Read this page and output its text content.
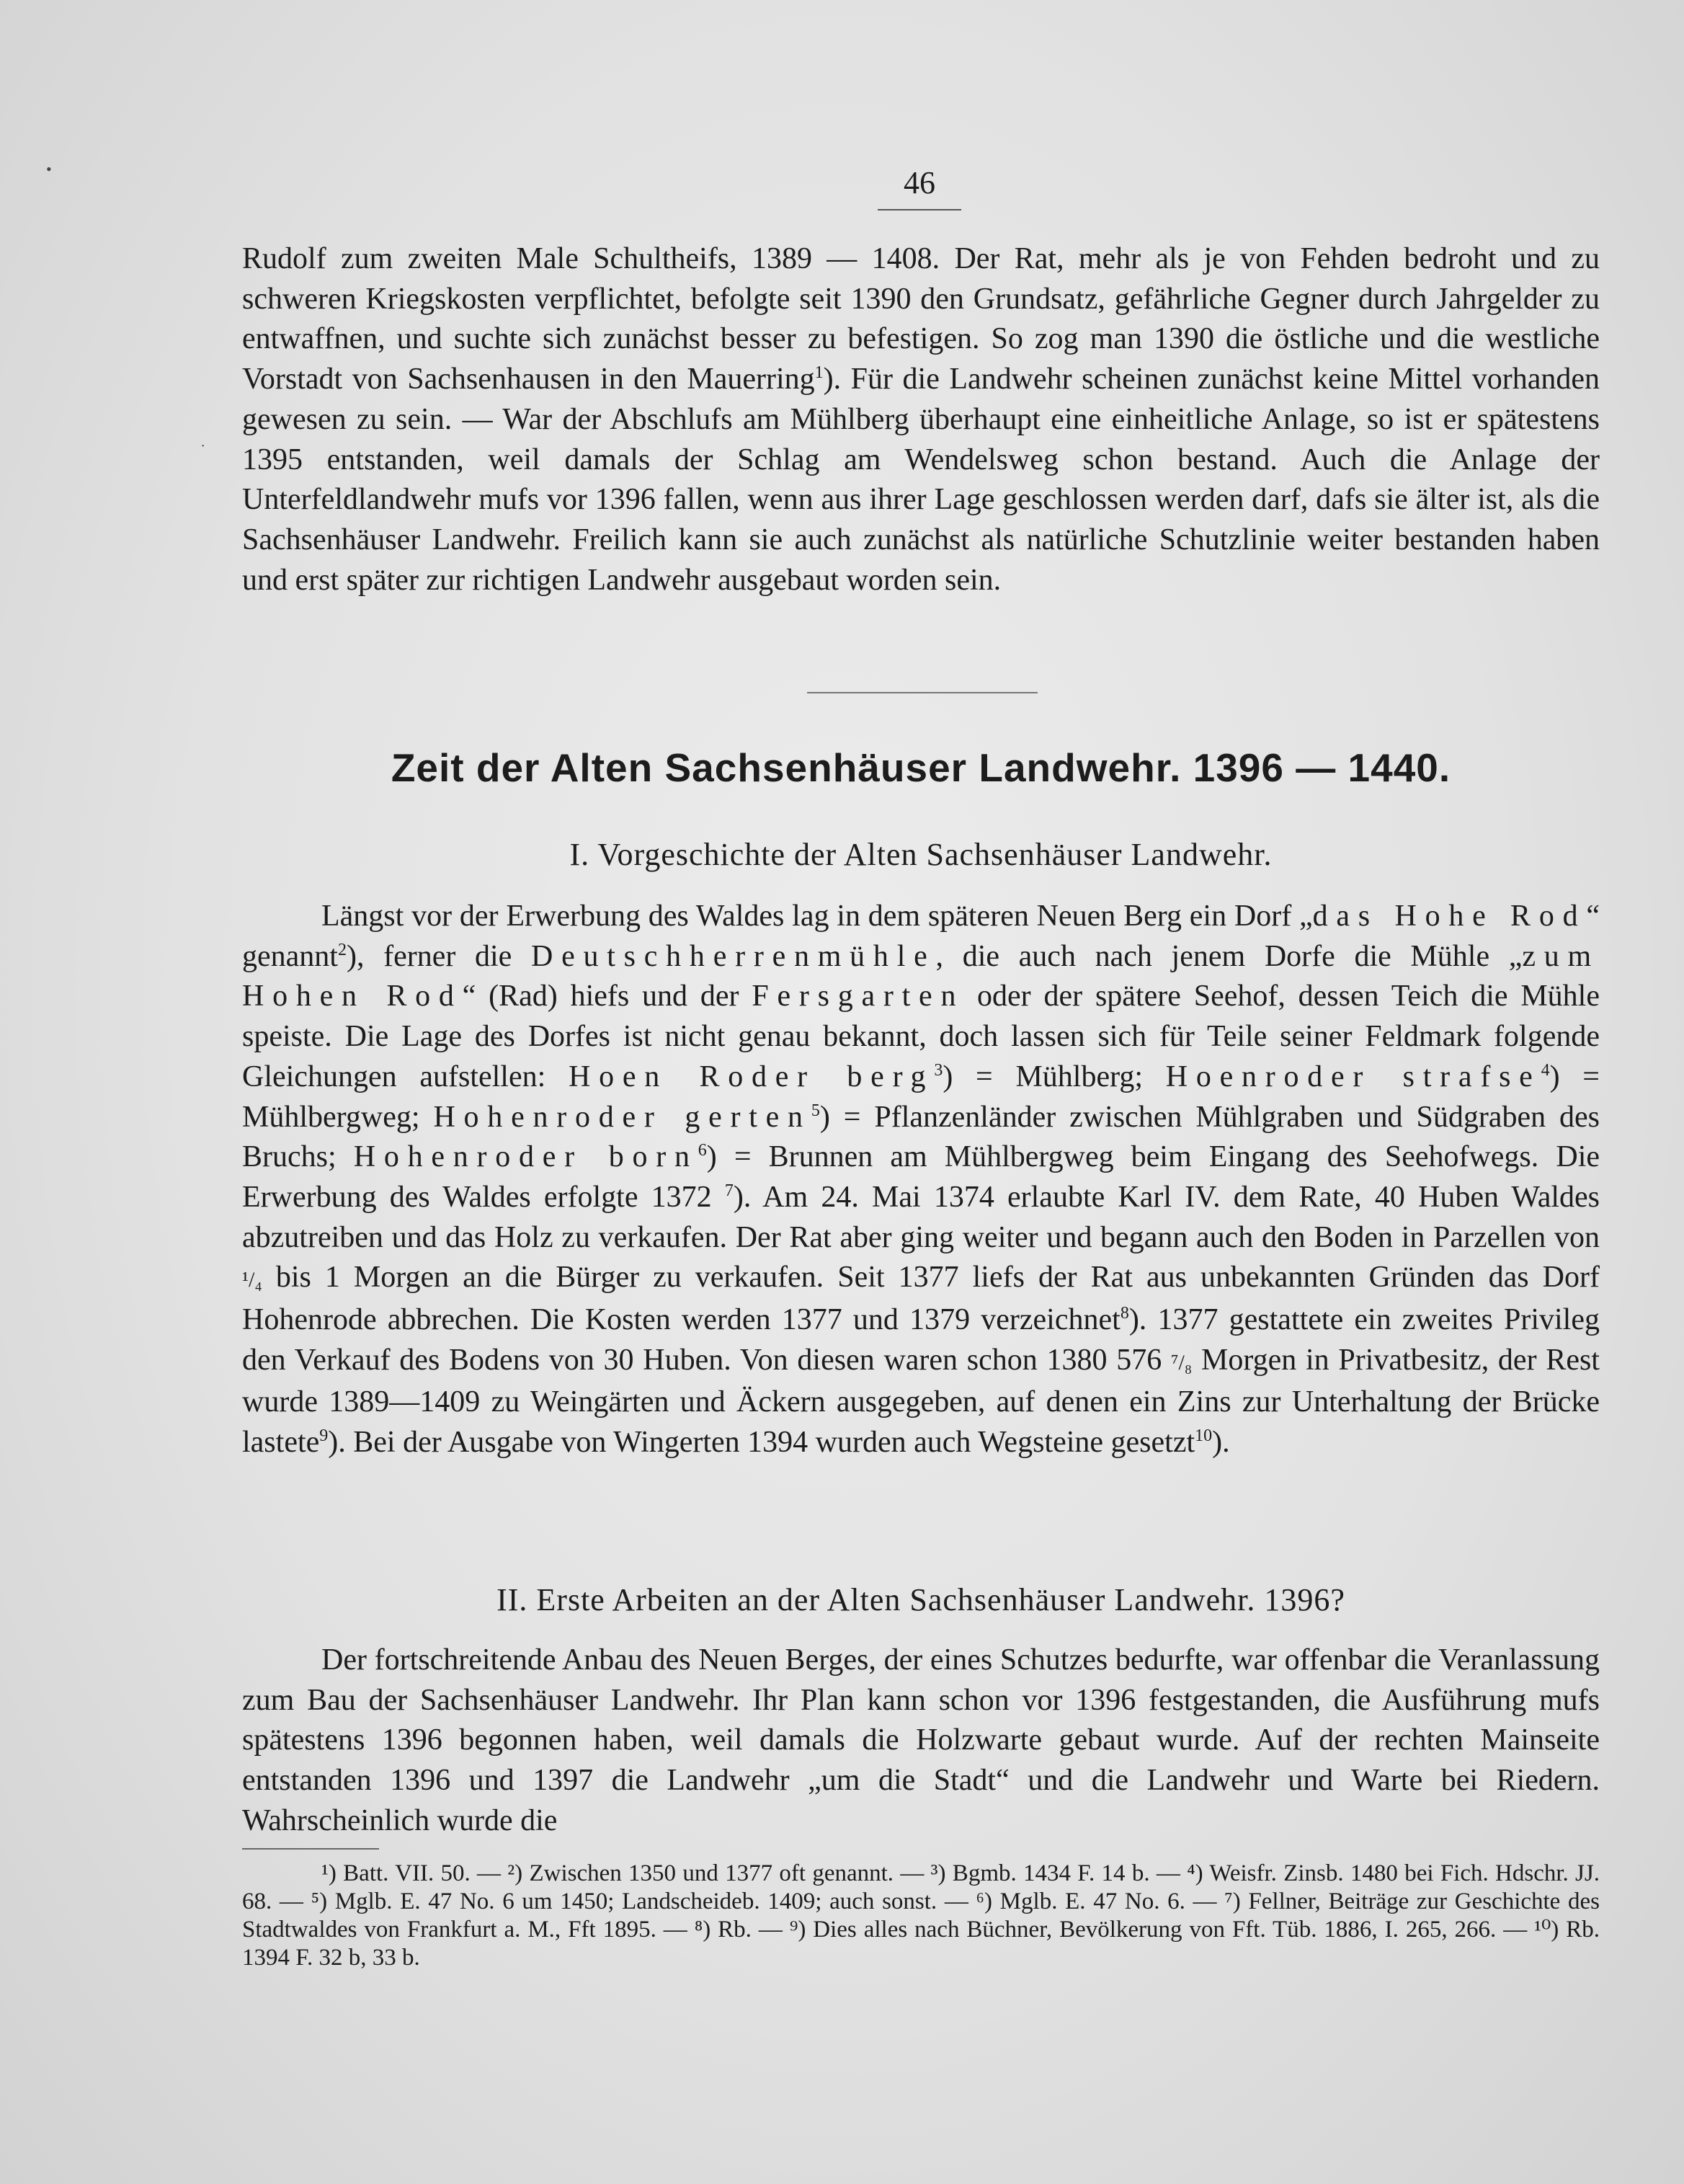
•
˙
46

Rudolf zum zweiten Male Schultheifs, 1389 — 1408. Der Rat, mehr als je von Fehden bedroht und zu schweren Kriegskosten verpflichtet, befolgte seit 1390 den Grundsatz, gefährliche Gegner durch Jahrgelder zu entwaffnen, und suchte sich zunächst besser zu befestigen. So zog man 1390 die östliche und die westliche Vorstadt von Sachsenhausen in den Mauerring$^1$). Für die Landwehr scheinen zunächst keine Mittel vorhanden gewesen zu sein. — War der Abschlufs am Mühlberg überhaupt eine einheitliche Anlage, so ist er spätestens 1395 entstanden, weil damals der Schlag am Wendelsweg schon bestand. Auch die Anlage der Unterfeldlandwehr mufs vor 1396 fallen, wenn aus ihrer Lage geschlossen werden darf, dafs sie älter ist, als die Sachsenhäuser Landwehr. Freilich kann sie auch zunächst als natürliche Schutzlinie weiter bestanden haben und erst später zur richtigen Landwehr ausgebaut worden sein.

Zeit der Alten Sachsenhäuser Landwehr. 1396 — 1440.
I. Vorgeschichte der Alten Sachsenhäuser Landwehr.

Längst vor der Erwerbung des Waldes lag in dem späteren Neuen Berg ein Dorf „das Hohe Rod“ genannt$^2$), ferner die Deutschherrenmühle, die auch nach jenem Dorfe die Mühle „zum Hohen Rod“ (Rad) hiefs und der Fersgarten oder der spätere Seehof, dessen Teich die Mühle speiste. Die Lage des Dorfes ist nicht genau bekannt, doch lassen sich für Teile seiner Feldmark folgende Gleichungen aufstellen: Hoen Roder berg$^3$) = Mühlberg; Hoenroder strafse$^4$) = Mühlbergweg; Hohenroder gerten$^5$) = Pflanzenländer zwischen Mühlgraben und Südgraben des Bruchs; Hohenroder born$^6$) = Brunnen am Mühlbergweg beim Eingang des Seehofwegs. Die Erwerbung des Waldes erfolgte 1372 $^7$). Am 24. Mai 1374 erlaubte Karl IV. dem Rate, 40 Huben Waldes abzutreiben und das Holz zu verkaufen. Der Rat aber ging weiter und begann auch den Boden in Parzellen von ¹/₄ bis 1 Morgen an die Bürger zu verkaufen. Seit 1377 liefs der Rat aus unbekannten Gründen das Dorf Hohenrode abbrechen. Die Kosten werden 1377 und 1379 verzeichnet$^8$). 1377 gestattete ein zweites Privileg den Verkauf des Bodens von 30 Huben. Von diesen waren schon 1380 576 ⁷/₈ Morgen in Privatbesitz, der Rest wurde 1389—1409 zu Weingärten und Äckern ausgegeben, auf denen ein Zins zur Unterhaltung der Brücke lastete$^9$). Bei der Ausgabe von Wingerten 1394 wurden auch Wegsteine gesetzt$^{10}$).

II. Erste Arbeiten an der Alten Sachsenhäuser Landwehr. 1396?

Der fortschreitende Anbau des Neuen Berges, der eines Schutzes bedurfte, war offenbar die Veranlassung zum Bau der Sachsenhäuser Landwehr. Ihr Plan kann schon vor 1396 festgestanden, die Ausführung mufs spätestens 1396 begonnen haben, weil damals die Holzwarte gebaut wurde. Auf der rechten Mainseite entstanden 1396 und 1397 die Landwehr „um die Stadt“ und die Landwehr und Warte bei Riedern. Wahrscheinlich wurde die

¹) Batt. VII. 50. — ²) Zwischen 1350 und 1377 oft genannt. — ³) Bgmb. 1434 F. 14 b. — ⁴) Weisfr. Zinsb. 1480 bei Fich. Hdschr. JJ. 68. — ⁵) Mglb. E. 47 No. 6 um 1450; Landscheideb. 1409; auch sonst. — ⁶) Mglb. E. 47 No. 6. — ⁷) Fellner, Beiträge zur Geschichte des Stadtwaldes von Frankfurt a. M., Fft 1895. — ⁸) Rb. — ⁹) Dies alles nach Büchner, Bevölkerung von Fft. Tüb. 1886, I. 265, 266. — ¹⁰) Rb. 1394 F. 32 b, 33 b.
